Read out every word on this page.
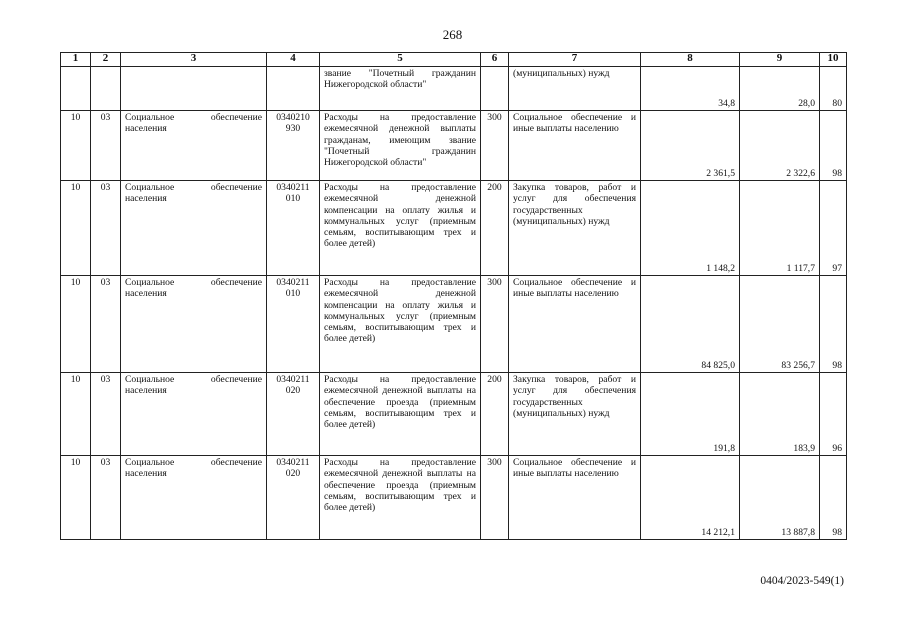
268
1	2	3	4	5	6	7	8	9	10
				звание "Почетный гражданин Нижегородской области"		(муниципальных) нужд	34,8	28,0	80
10	03	Социальное обеспечение населения	0340210 930	Расходы на предоставление ежемесячной денежной выплаты гражданам, имеющим звание "Почетный гражданин Нижегородской области"	300	Социальное обеспечение и иные выплаты населению	2 361,5	2 322,6	98
10	03	Социальное обеспечение населения	0340211 010	Расходы на предоставление ежемесячной денежной компенсации на оплату жилья и коммунальных услуг (приемным семьям, воспитывающим трех и более детей)	200	Закупка товаров, работ и услуг для обеспечения государственных (муниципальных) нужд	1 148,2	1 117,7	97
10	03	Социальное обеспечение населения	0340211 010	Расходы на предоставление ежемесячной денежной компенсации на оплату жилья и коммунальных услуг (приемным семьям, воспитывающим трех и более детей)	300	Социальное обеспечение и иные выплаты населению	84 825,0	83 256,7	98
10	03	Социальное обеспечение населения	0340211 020	Расходы на предоставление ежемесячной денежной выплаты на обеспечение проезда (приемным семьям, воспитывающим трех и более детей)	200	Закупка товаров, работ и услуг для обеспечения государственных (муниципальных) нужд	191,8	183,9	96
10	03	Социальное обеспечение населения	0340211 020	Расходы на предоставление ежемесячной денежной выплаты на обеспечение проезда (приемным семьям, воспитывающим трех и более детей)	300	Социальное обеспечение и иные выплаты населению	14 212,1	13 887,8	98
0404/2023-549(1)
